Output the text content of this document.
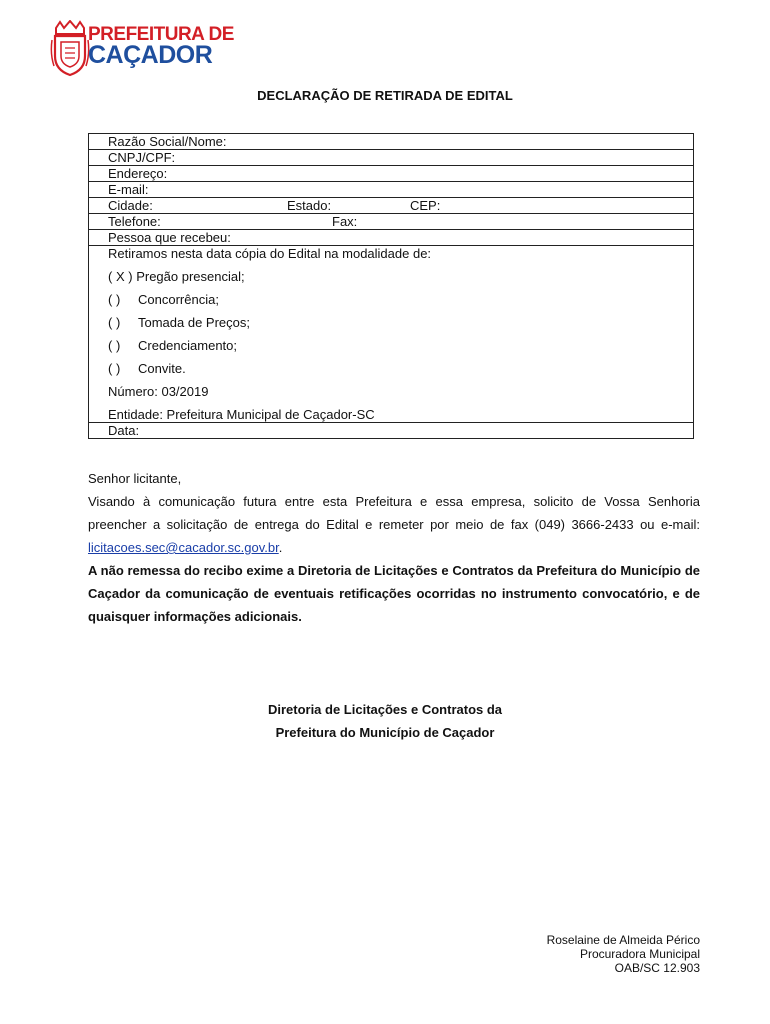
PREFEITURA DE
CAÇADOR
DECLARAÇÃO DE RETIRADA DE EDITAL
Razão Social/Nome:
CNPJ/CPF:
Endereço:
E-mail:
Cidade:	Estado:	CEP:
Telefone:	Fax:
Pessoa que recebeu:
Retiramos nesta data cópia do Edital na modalidade de:
( X ) Pregão presencial;
( ) Concorrência;
( ) Tomada de Preços;
( ) Credenciamento;
( ) Convite.
Número: 03/2019
Entidade: Prefeitura Municipal de Caçador-SC
Data:

Senhor licitante,

Visando à comunicação futura entre esta Prefeitura e essa empresa, solicito de Vossa Senhoria preencher a solicitação de entrega do Edital e remeter por meio de fax (049) 3666-2433 ou e-mail: licitacoes.sec@cacador.sc.gov.br.

A não remessa do recibo exime a Diretoria de Licitações e Contratos da Prefeitura do Município de Caçador da comunicação de eventuais retificações ocorridas no instrumento convocatório, e de quaisquer informações adicionais.

Diretoria de Licitações e Contratos da
Prefeitura do Município de Caçador
Roselaine de Almeida Périco
Procuradora Municipal
OAB/SC 12.903
